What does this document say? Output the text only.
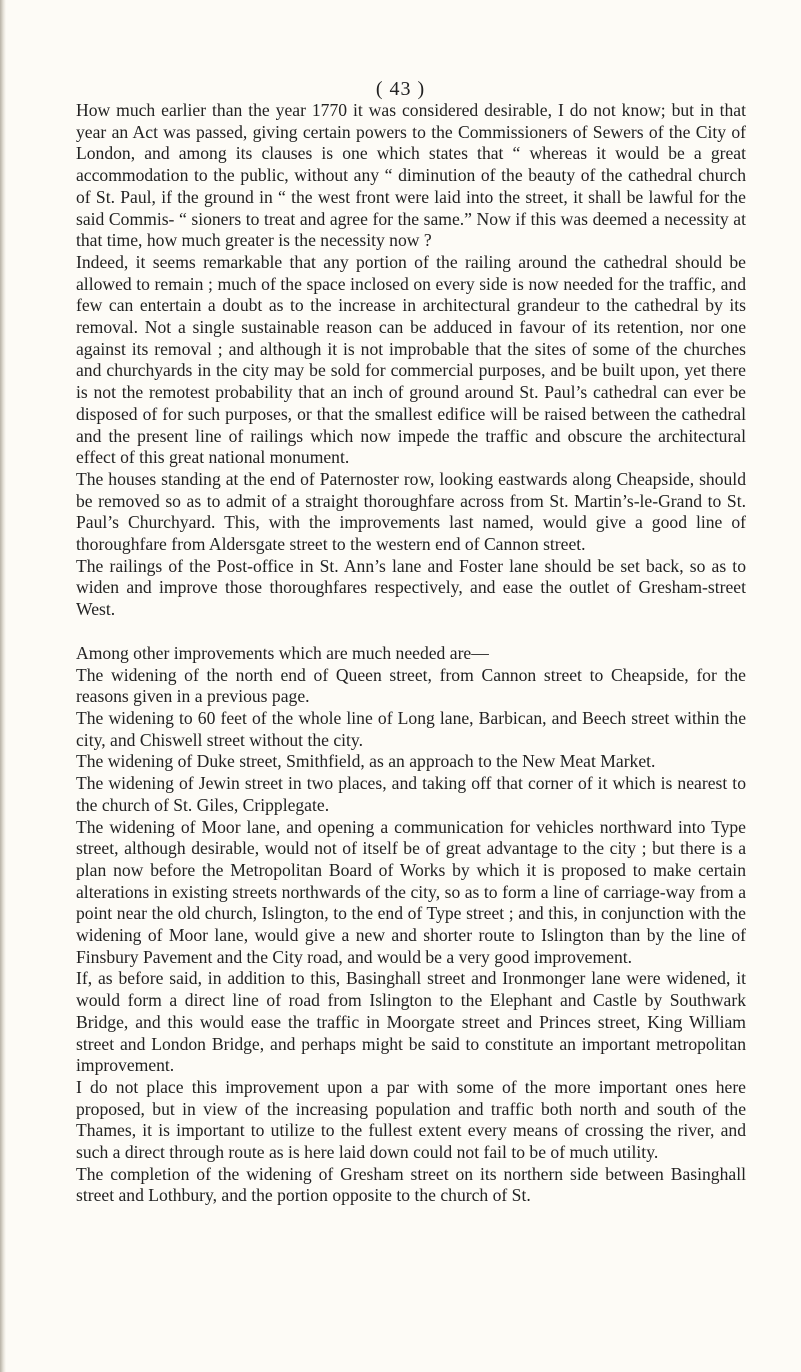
( 43 )

How much earlier than the year 1770 it was considered desirable, I do not know; but in that year an Act was passed, giving certain powers to the Commissioners of Sewers of the City of London, and among its clauses is one which states that “ whereas it would be a great accommodation to the public, without any “ diminution of the beauty of the cathedral church of St. Paul, if the ground in “ the west front were laid into the street, it shall be lawful for the said Commis- “ sioners to treat and agree for the same.” Now if this was deemed a necessity at that time, how much greater is the necessity now ?

Indeed, it seems remarkable that any portion of the railing around the cathedral should be allowed to remain ; much of the space inclosed on every side is now needed for the traffic, and few can entertain a doubt as to the increase in architectural grandeur to the cathedral by its removal. Not a single sustainable reason can be adduced in favour of its retention, nor one against its removal ; and although it is not improbable that the sites of some of the churches and churchyards in the city may be sold for commercial purposes, and be built upon, yet there is not the remotest probability that an inch of ground around St. Paul’s cathedral can ever be disposed of for such purposes, or that the smallest edifice will be raised between the cathedral and the present line of railings which now impede the traffic and obscure the architectural effect of this great national monument.

The houses standing at the end of Paternoster row, looking eastwards along Cheapside, should be removed so as to admit of a straight thoroughfare across from St. Martin’s-le-Grand to St. Paul’s Churchyard. This, with the improvements last named, would give a good line of thoroughfare from Aldersgate street to the western end of Cannon street.

The railings of the Post-office in St. Ann’s lane and Foster lane should be set back, so as to widen and improve those thoroughfares respectively, and ease the outlet of Gresham-street West.

Among other improvements which are much needed are—

The widening of the north end of Queen street, from Cannon street to Cheapside, for the reasons given in a previous page.

The widening to 60 feet of the whole line of Long lane, Barbican, and Beech street within the city, and Chiswell street without the city.

The widening of Duke street, Smithfield, as an approach to the New Meat Market.

The widening of Jewin street in two places, and taking off that corner of it which is nearest to the church of St. Giles, Cripplegate.

The widening of Moor lane, and opening a communication for vehicles northward into Type street, although desirable, would not of itself be of great advantage to the city ; but there is a plan now before the Metropolitan Board of Works by which it is proposed to make certain alterations in existing streets northwards of the city, so as to form a line of carriage-way from a point near the old church, Islington, to the end of Type street ; and this, in conjunction with the widening of Moor lane, would give a new and shorter route to Islington than by the line of Finsbury Pavement and the City road, and would be a very good improvement.

If, as before said, in addition to this, Basinghall street and Ironmonger lane were widened, it would form a direct line of road from Islington to the Elephant and Castle by Southwark Bridge, and this would ease the traffic in Moorgate street and Princes street, King William street and London Bridge, and perhaps might be said to constitute an important metropolitan improvement.

I do not place this improvement upon a par with some of the more important ones here proposed, but in view of the increasing population and traffic both north and south of the Thames, it is important to utilize to the fullest extent every means of crossing the river, and such a direct through route as is here laid down could not fail to be of much utility.

The completion of the widening of Gresham street on its northern side between Basinghall street and Lothbury, and the portion opposite to the church of St.
